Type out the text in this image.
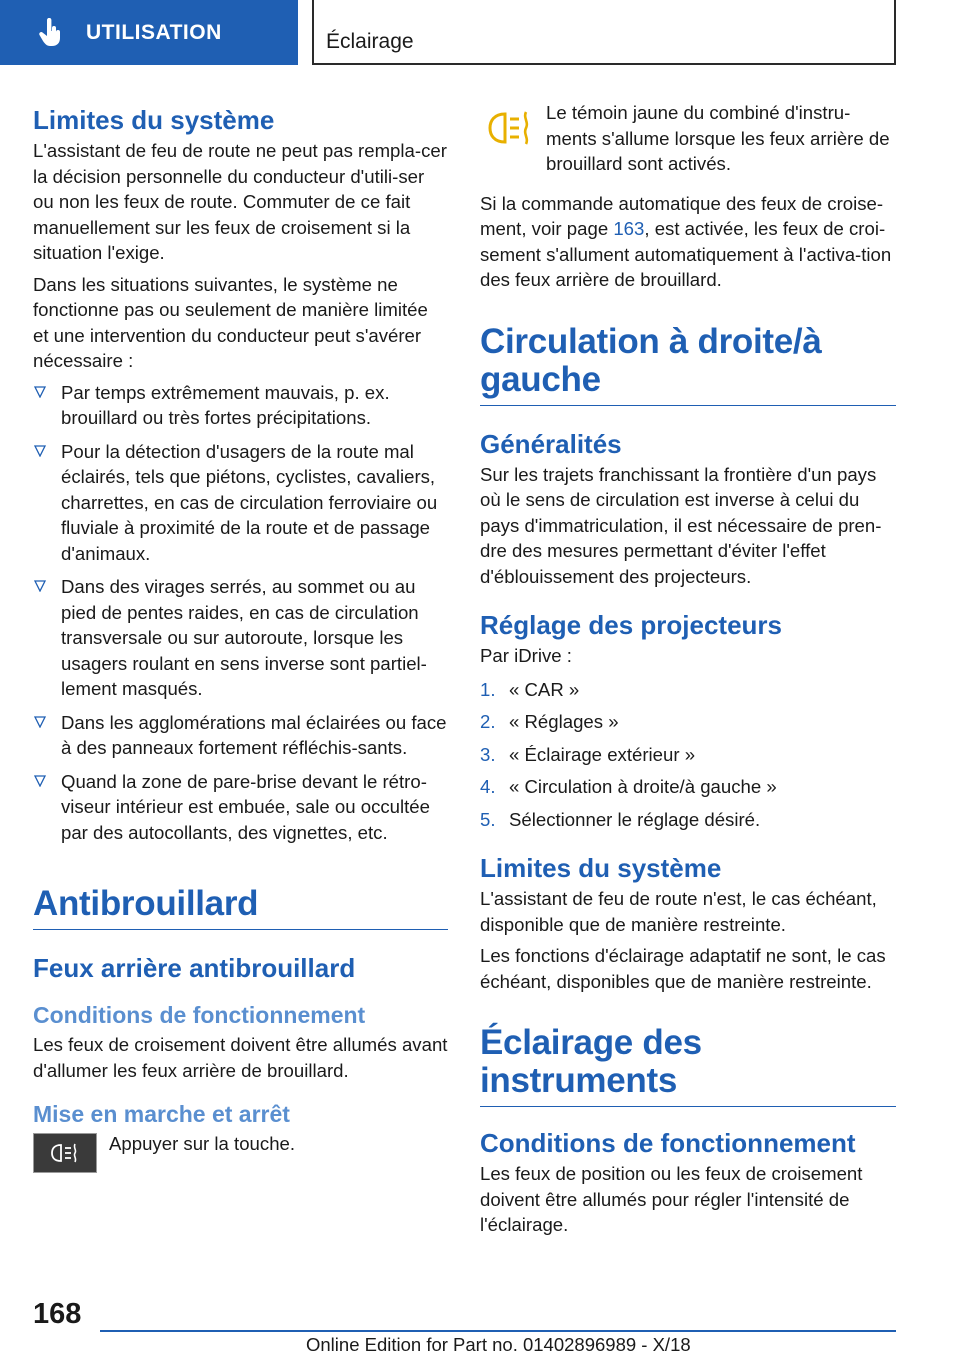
UTILISATION	Éclairage
Limites du système

L'assistant de feu de route ne peut pas rempla-cer la décision personnelle du conducteur d'utili-ser ou non les feux de route. Commuter de ce fait manuellement sur les feux de croisement si la situation l'exige.

Dans les situations suivantes, le système ne fonctionne pas ou seulement de manière limitée et une intervention du conducteur peut s'avérer nécessaire :

Par temps extrêmement mauvais, p. ex. brouillard ou très fortes précipitations.
Pour la détection d'usagers de la route mal éclairés, tels que piétons, cyclistes, cavaliers, charrettes, en cas de circulation ferroviaire ou fluviale à proximité de la route et de passage d'animaux.
Dans des virages serrés, au sommet ou au pied de pentes raides, en cas de circulation transversale ou sur autoroute, lorsque les usagers roulant en sens inverse sont partiel-lement masqués.
Dans les agglomérations mal éclairées ou face à des panneaux fortement réfléchis-sants.
Quand la zone de pare-brise devant le rétro-viseur intérieur est embuée, sale ou occultée par des autocollants, des vignettes, etc.
Antibrouillard
Feux arrière antibrouillard
Conditions de fonctionnement

Les feux de croisement doivent être allumés avant d'allumer les feux arrière de brouillard.

Mise en marche et arrêt

Appuyer sur la touche.

Le témoin jaune du combiné d'instru-ments s'allume lorsque les feux arrière de brouillard sont activés.

Si la commande automatique des feux de croise-ment, voir page 163, est activée, les feux de croi-sement s'allument automatiquement à l'activa-tion des feux arrière de brouillard.

Circulation à droite/à gauche
Généralités

Sur les trajets franchissant la frontière d'un pays où le sens de circulation est inverse à celui du pays d'immatriculation, il est nécessaire de pren-dre des mesures permettant d'éviter l'effet d'éblouissement des projecteurs.

Réglage des projecteurs

Par iDrive :

1. « CAR »
2. « Réglages »
3. « Éclairage extérieur »
4. « Circulation à droite/à gauche »
5. Sélectionner le réglage désiré.
Limites du système

L'assistant de feu de route n'est, le cas échéant, disponible que de manière restreinte.

Les fonctions d'éclairage adaptatif ne sont, le cas échéant, disponibles que de manière restreinte.

Éclairage des instruments
Conditions de fonctionnement

Les feux de position ou les feux de croisement doivent être allumés pour régler l'intensité de l'éclairage.

168
Online Edition for Part no. 01402896989 - X/18
